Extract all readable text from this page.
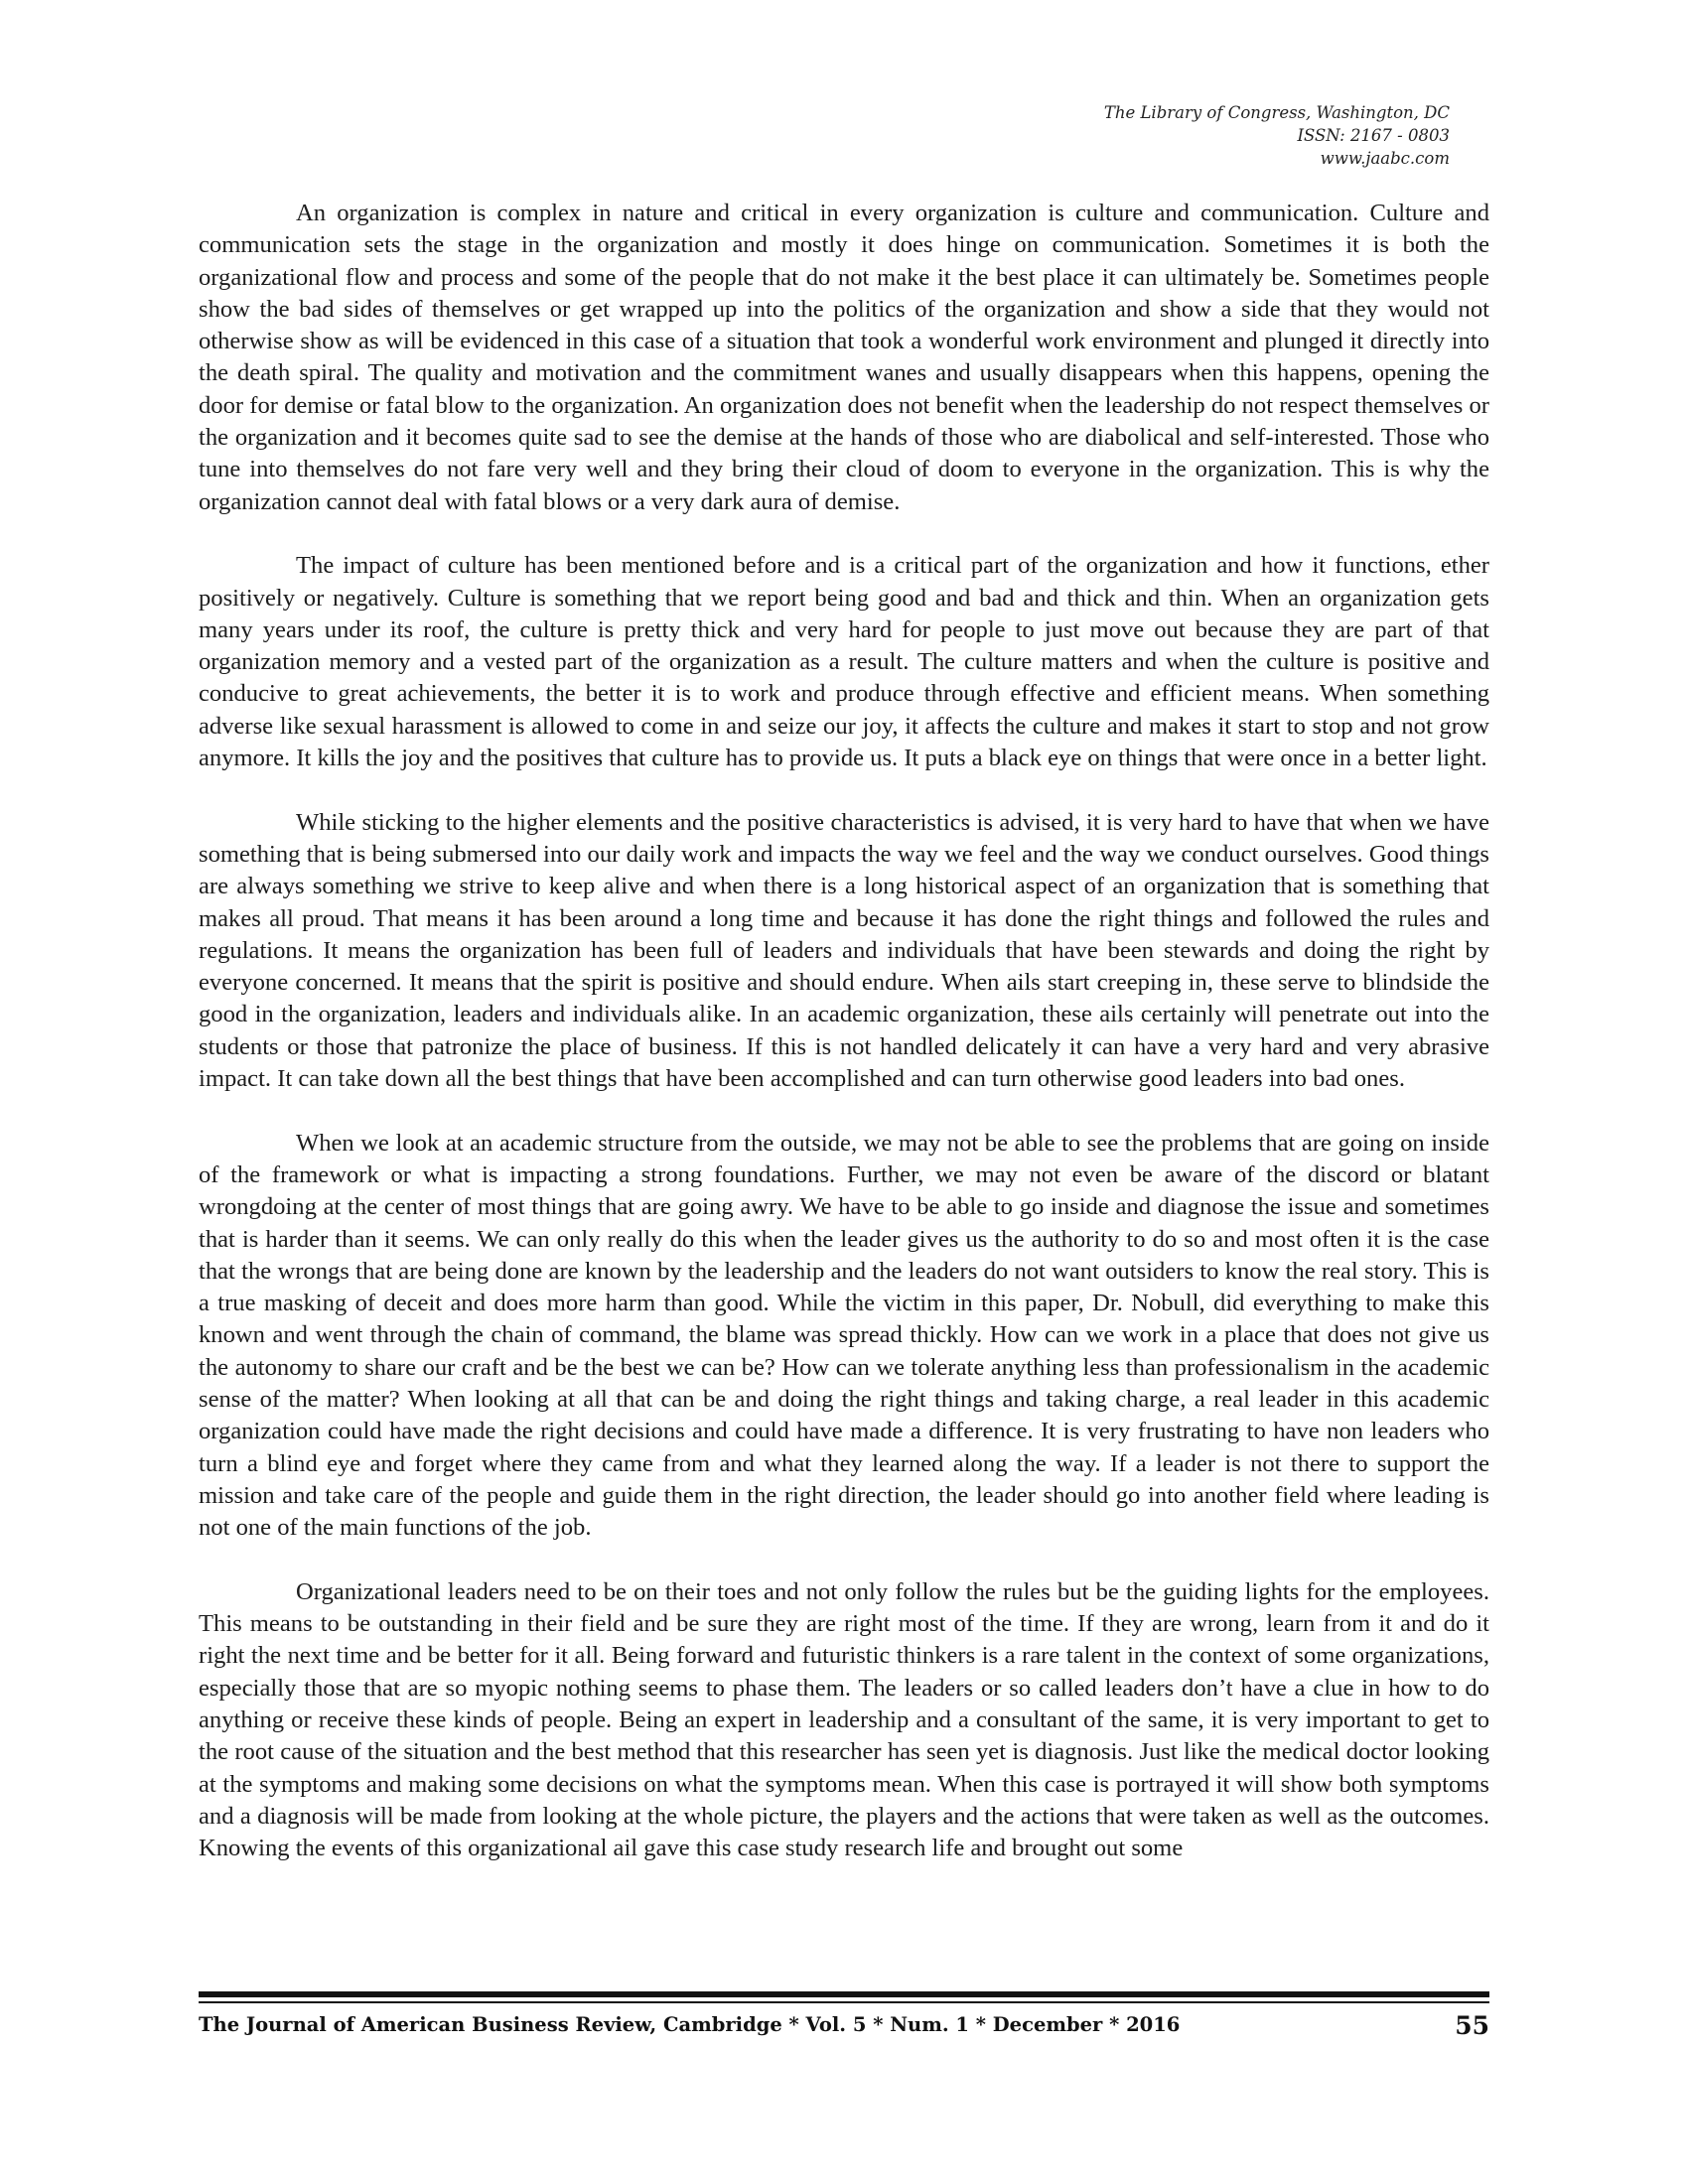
The Library of Congress, Washington, DC
ISSN: 2167 - 0803
www.jaabc.com

An organization is complex in nature and critical in every organization is culture and communication. Culture and communication sets the stage in the organization and mostly it does hinge on communication. Sometimes it is both the organizational flow and process and some of the people that do not make it the best place it can ultimately be. Sometimes people show the bad sides of themselves or get wrapped up into the politics of the organization and show a side that they would not otherwise show as will be evidenced in this case of a situation that took a wonderful work environment and plunged it directly into the death spiral. The quality and motivation and the commitment wanes and usually disappears when this happens, opening the door for demise or fatal blow to the organization. An organization does not benefit when the leadership do not respect themselves or the organization and it becomes quite sad to see the demise at the hands of those who are diabolical and self-interested. Those who tune into themselves do not fare very well and they bring their cloud of doom to everyone in the organization. This is why the organization cannot deal with fatal blows or a very dark aura of demise.

The impact of culture has been mentioned before and is a critical part of the organization and how it functions, ether positively or negatively. Culture is something that we report being good and bad and thick and thin. When an organization gets many years under its roof, the culture is pretty thick and very hard for people to just move out because they are part of that organization memory and a vested part of the organization as a result. The culture matters and when the culture is positive and conducive to great achievements, the better it is to work and produce through effective and efficient means. When something adverse like sexual harassment is allowed to come in and seize our joy, it affects the culture and makes it start to stop and not grow anymore. It kills the joy and the positives that culture has to provide us. It puts a black eye on things that were once in a better light.

While sticking to the higher elements and the positive characteristics is advised, it is very hard to have that when we have something that is being submersed into our daily work and impacts the way we feel and the way we conduct ourselves. Good things are always something we strive to keep alive and when there is a long historical aspect of an organization that is something that makes all proud. That means it has been around a long time and because it has done the right things and followed the rules and regulations. It means the organization has been full of leaders and individuals that have been stewards and doing the right by everyone concerned. It means that the spirit is positive and should endure. When ails start creeping in, these serve to blindside the good in the organization, leaders and individuals alike. In an academic organization, these ails certainly will penetrate out into the students or those that patronize the place of business. If this is not handled delicately it can have a very hard and very abrasive impact. It can take down all the best things that have been accomplished and can turn otherwise good leaders into bad ones.

When we look at an academic structure from the outside, we may not be able to see the problems that are going on inside of the framework or what is impacting a strong foundations. Further, we may not even be aware of the discord or blatant wrongdoing at the center of most things that are going awry. We have to be able to go inside and diagnose the issue and sometimes that is harder than it seems. We can only really do this when the leader gives us the authority to do so and most often it is the case that the wrongs that are being done are known by the leadership and the leaders do not want outsiders to know the real story. This is a true masking of deceit and does more harm than good. While the victim in this paper, Dr. Nobull, did everything to make this known and went through the chain of command, the blame was spread thickly. How can we work in a place that does not give us the autonomy to share our craft and be the best we can be? How can we tolerate anything less than professionalism in the academic sense of the matter? When looking at all that can be and doing the right things and taking charge, a real leader in this academic organization could have made the right decisions and could have made a difference. It is very frustrating to have non leaders who turn a blind eye and forget where they came from and what they learned along the way. If a leader is not there to support the mission and take care of the people and guide them in the right direction, the leader should go into another field where leading is not one of the main functions of the job.

Organizational leaders need to be on their toes and not only follow the rules but be the guiding lights for the employees. This means to be outstanding in their field and be sure they are right most of the time. If they are wrong, learn from it and do it right the next time and be better for it all. Being forward and futuristic thinkers is a rare talent in the context of some organizations, especially those that are so myopic nothing seems to phase them. The leaders or so called leaders don’t have a clue in how to do anything or receive these kinds of people. Being an expert in leadership and a consultant of the same, it is very important to get to the root cause of the situation and the best method that this researcher has seen yet is diagnosis. Just like the medical doctor looking at the symptoms and making some decisions on what the symptoms mean. When this case is portrayed it will show both symptoms and a diagnosis will be made from looking at the whole picture, the players and the actions that were taken as well as the outcomes. Knowing the events of this organizational ail gave this case study research life and brought out some

The Journal of American Business Review, Cambridge * Vol. 5 * Num. 1 * December * 2016	55
